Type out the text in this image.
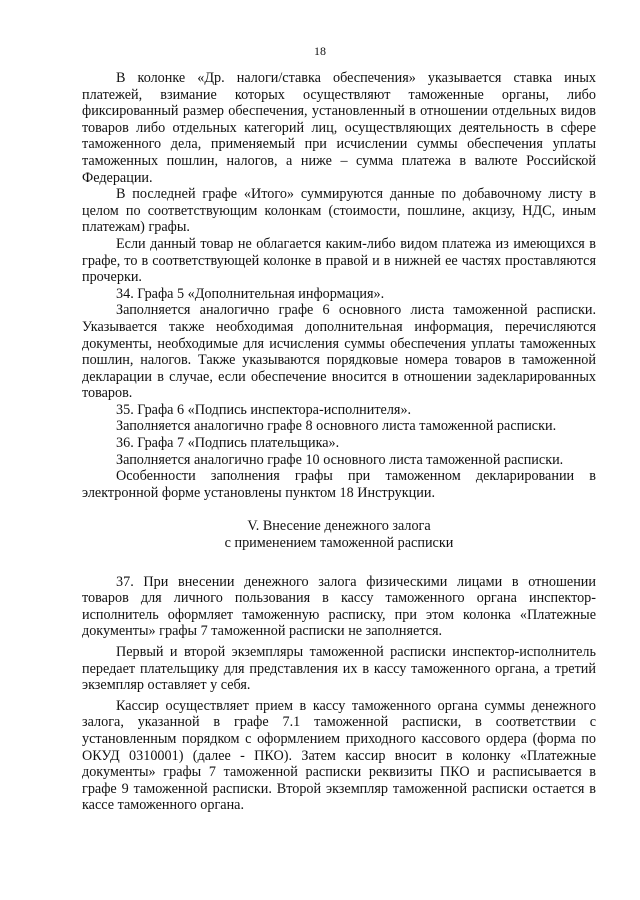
18

В колонке «Др. налоги/ставка обеспечения» указывается ставка иных платежей, взимание которых осуществляют таможенные органы, либо фиксированный размер обеспечения, установленный в отношении отдельных видов товаров либо отдельных категорий лиц, осуществляющих деятельность в сфере таможенного дела, применяемый при исчислении суммы обеспечения уплаты таможенных пошлин, налогов, а ниже – сумма платежа в валюте Российской Федерации.

В последней графе «Итого» суммируются данные по добавочному листу в целом по соответствующим колонкам (стоимости, пошлине, акцизу, НДС, иным платежам) графы.

Если данный товар не облагается каким-либо видом платежа из имеющихся в графе, то в соответствующей колонке в правой и в нижней ее частях проставляются прочерки.

34. Графа 5 «Дополнительная информация».

Заполняется аналогично графе 6 основного листа таможенной расписки. Указывается также необходимая дополнительная информация, перечисляются документы, необходимые для исчисления суммы обеспечения уплаты таможенных пошлин, налогов. Также указываются порядковые номера товаров в таможенной декларации в случае, если обеспечение вносится в отношении задекларированных товаров.

35. Графа 6 «Подпись инспектора-исполнителя».

Заполняется аналогично графе 8 основного листа таможенной расписки.

36. Графа 7 «Подпись плательщика».

Заполняется аналогично графе 10 основного листа таможенной расписки.

Особенности заполнения графы при таможенном декларировании в электронной форме установлены пунктом 18 Инструкции.

V. Внесение денежного залога
с применением таможенной расписки

37. При внесении денежного залога физическими лицами в отношении товаров для личного пользования в кассу таможенного органа инспектор-исполнитель оформляет таможенную расписку, при этом колонка «Платежные документы» графы 7 таможенной расписки не заполняется.

Первый и второй экземпляры таможенной расписки инспектор-исполнитель передает плательщику для представления их в кассу таможенного органа, а третий экземпляр оставляет у себя.

Кассир осуществляет прием в кассу таможенного органа суммы денежного залога, указанной в графе 7.1 таможенной расписки, в соответствии с установленным порядком с оформлением приходного кассового ордера (форма по ОКУД 0310001) (далее - ПКО). Затем кассир вносит в колонку «Платежные документы» графы 7 таможенной расписки реквизиты ПКО и расписывается в графе 9 таможенной расписки. Второй экземпляр таможенной расписки остается в кассе таможенного органа.
